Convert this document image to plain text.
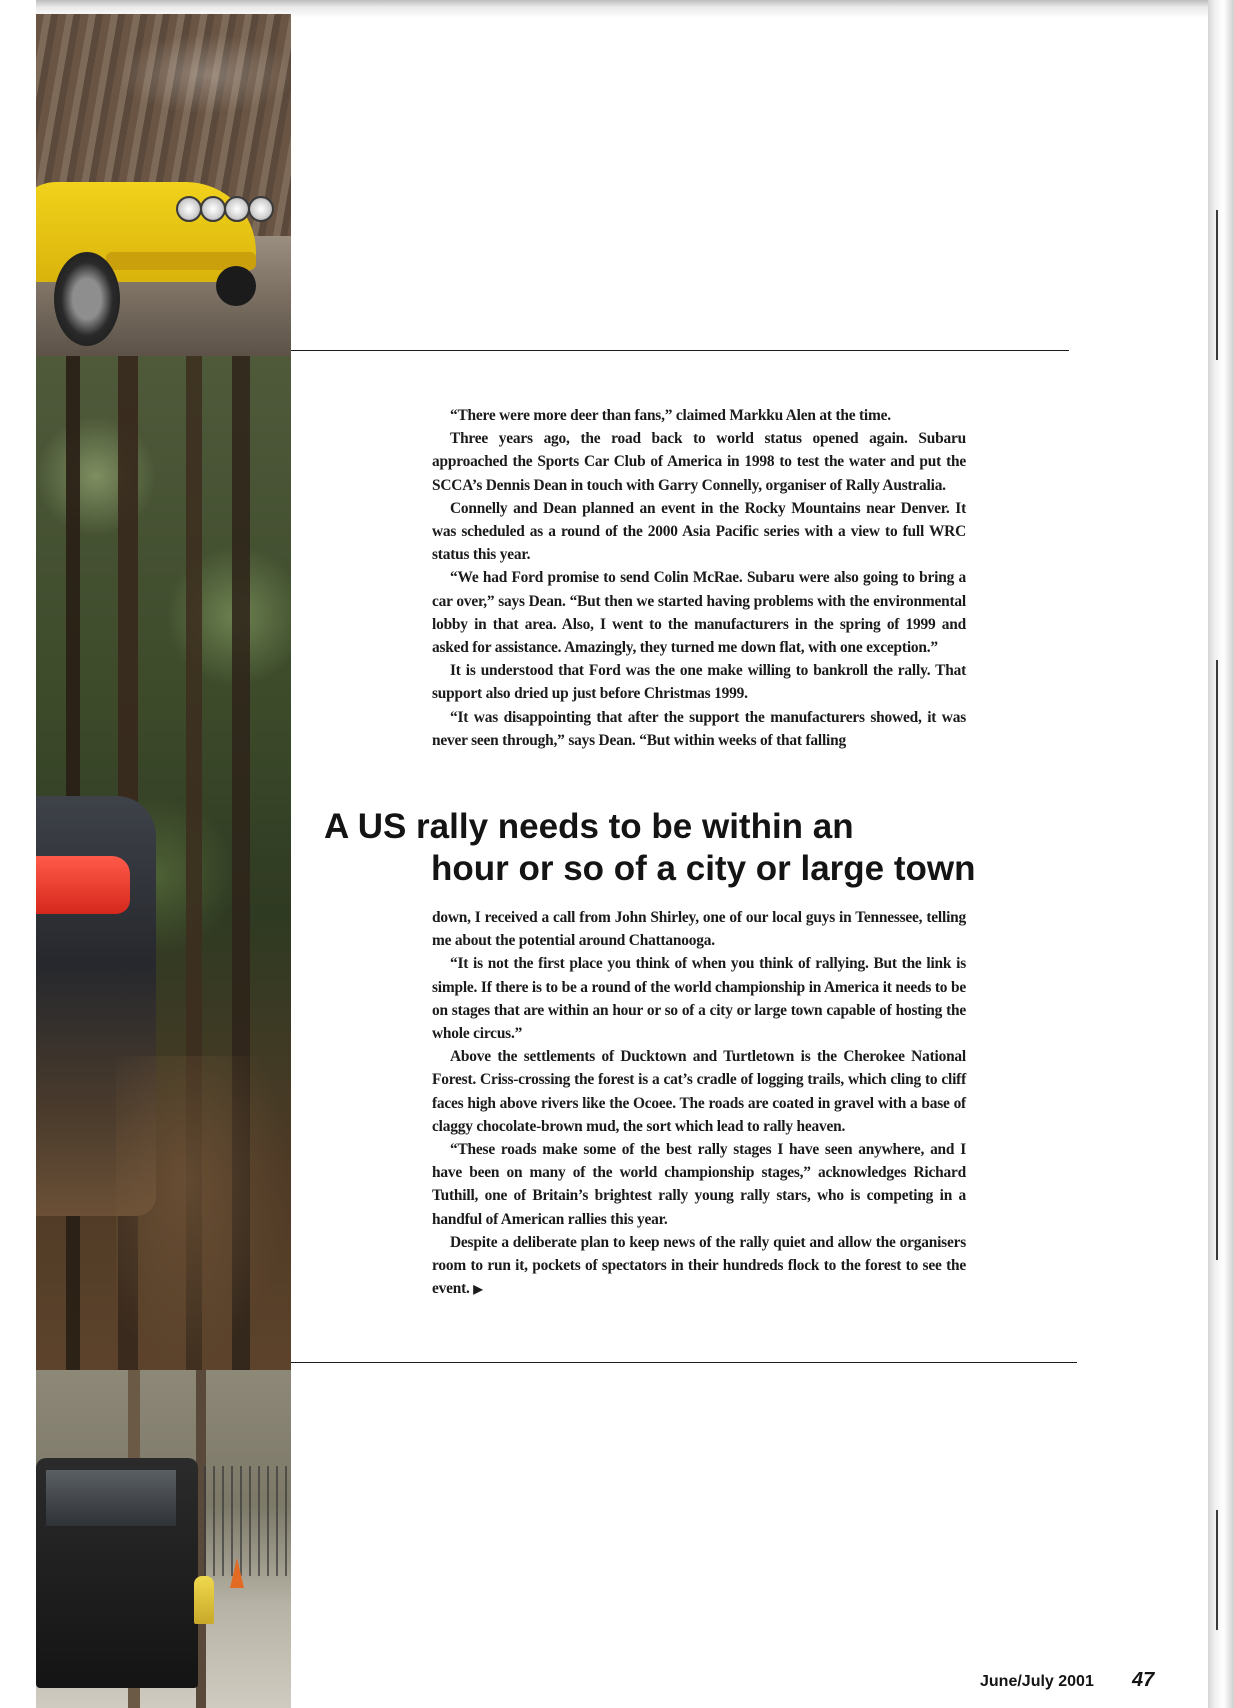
“There were more deer than fans,” claimed Markku Alen at the time.

Three years ago, the road back to world status opened again. Subaru approached the Sports Car Club of America in 1998 to test the water and put the SCCA’s Dennis Dean in touch with Garry Connelly, organiser of Rally Australia.

Connelly and Dean planned an event in the Rocky Mountains near Denver. It was scheduled as a round of the 2000 Asia Pacific series with a view to full WRC status this year.

“We had Ford promise to send Colin McRae. Subaru were also going to bring a car over,” says Dean. “But then we started having problems with the environmental lobby in that area. Also, I went to the manufacturers in the spring of 1999 and asked for assistance. Amazingly, they turned me down flat, with one exception.”

It is understood that Ford was the one make willing to bankroll the rally. That support also dried up just before Christmas 1999.

“It was disappointing that after the support the manufacturers showed, it was never seen through,” says Dean. “But within weeks of that falling

A US rally needs to be within an
hour or so of a city or large town

down, I received a call from John Shirley, one of our local guys in Tennessee, telling me about the potential around Chattanooga.

“It is not the first place you think of when you think of rallying. But the link is simple. If there is to be a round of the world championship in America it needs to be on stages that are within an hour or so of a city or large town capable of hosting the whole circus.”

Above the settlements of Ducktown and Turtletown is the Cherokee National Forest. Criss-crossing the forest is a cat’s cradle of logging trails, which cling to cliff faces high above rivers like the Ocoee. The roads are coated in gravel with a base of claggy chocolate-brown mud, the sort which lead to rally heaven.

“These roads make some of the best rally stages I have seen anywhere, and I have been on many of the world championship stages,” acknowledges Richard Tuthill, one of Britain’s brightest rally young rally stars, who is competing in a handful of American rallies this year.

Despite a deliberate plan to keep news of the rally quiet and allow the organisers room to run it, pockets of spectators in their hundreds flock to the forest to see the event. ▶

June/July 2001 47
